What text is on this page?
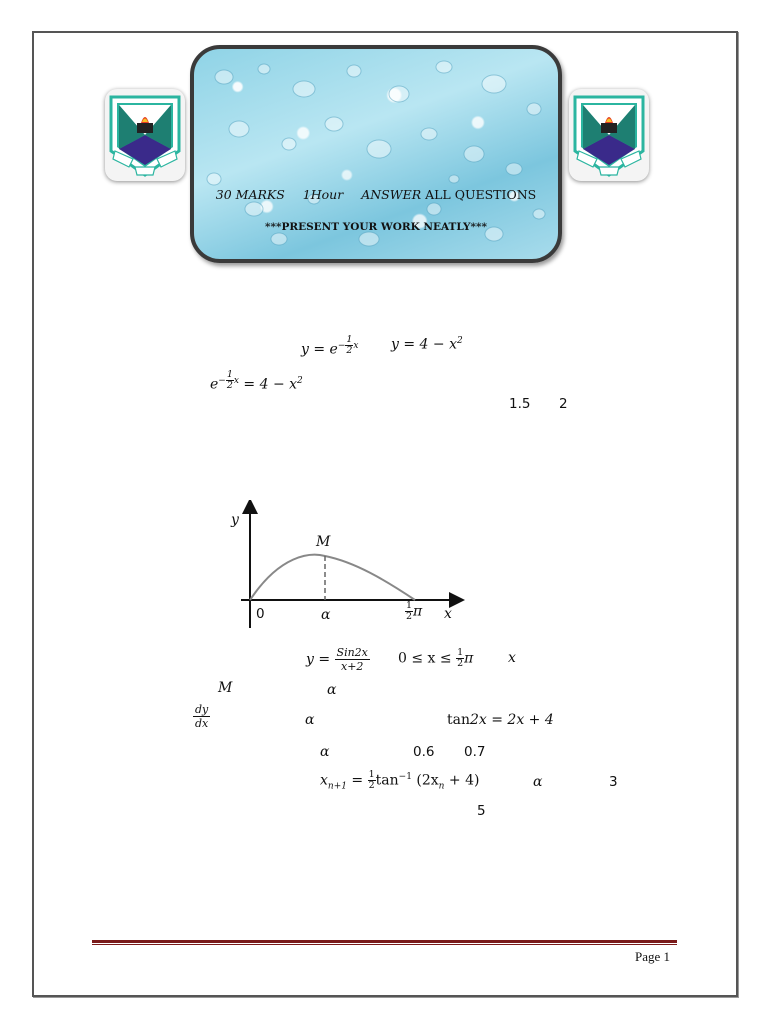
30 MARKS 1Hour ANSWER ALL QUESTIONS
***PRESENT YOUR WORK NEATLY***
$y = e^{- \frac{1}{2} x}$ $y = 4 - x^2$
$e^{- \frac{1}{2} x} = 4 - x^2$
1.5 2
y
M
0	α	$\frac{1}{2}$ π x
y = Sin2x
x+2	$0 \le x \le \frac{1}{2}$ π x
M	α
$\frac{dy}{dx}$	α	tan2x = 2x + 4
α	0.6 0.7
$x_{n+1} = \frac{1}{2} \tan^{-1} (2x_n + 4)$	α	3
5
Page 1
